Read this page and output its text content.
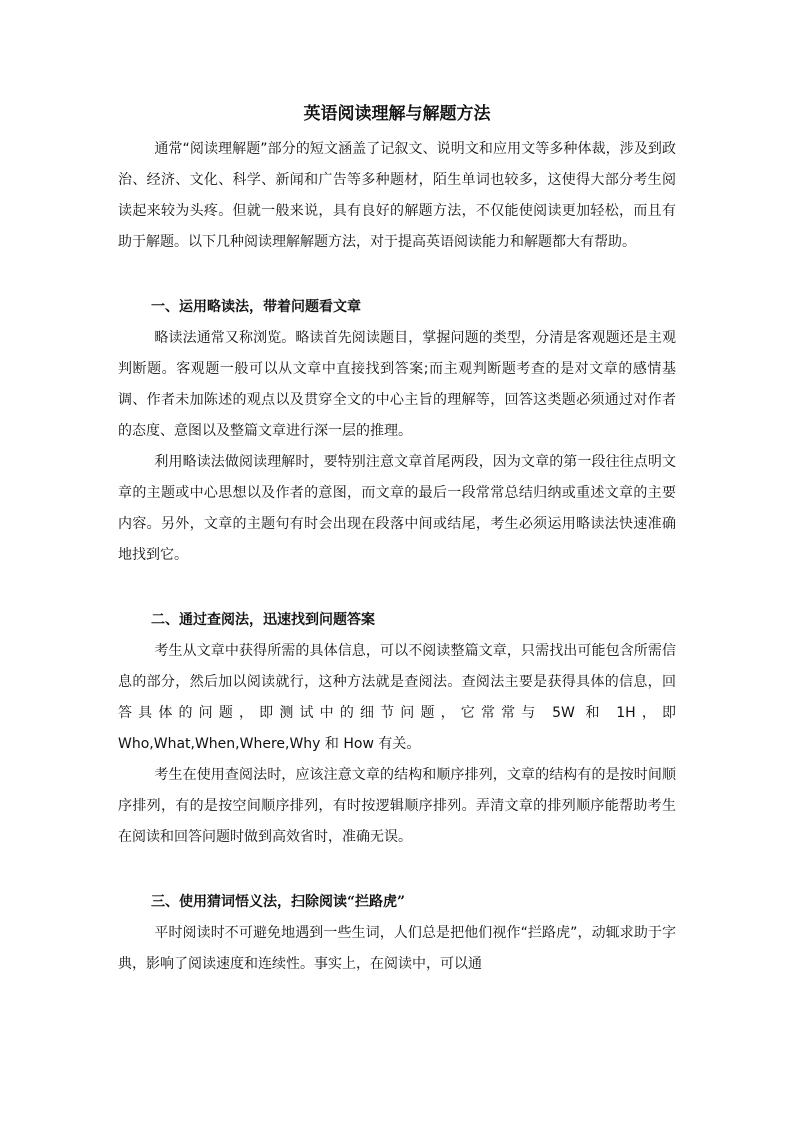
英语阅读理解与解题方法

通常“阅读理解题”部分的短文涵盖了记叙文、说明文和应用文等多种体裁，涉及到政治、经济、文化、科学、新闻和广告等多种题材，陌生单词也较多，这使得大部分考生阅读起来较为头疼。但就一般来说，具有良好的解题方法，不仅能使阅读更加轻松，而且有助于解题。以下几种阅读理解解题方法，对于提高英语阅读能力和解题都大有帮助。

一、运用略读法，带着问题看文章

略读法通常又称浏览。略读首先阅读题目，掌握问题的类型，分清是客观题还是主观判断题。客观题一般可以从文章中直接找到答案;而主观判断题考查的是对文章的感情基调、作者未加陈述的观点以及贯穿全文的中心主旨的理解等，回答这类题必须通过对作者的态度、意图以及整篇文章进行深一层的推理。

利用略读法做阅读理解时，要特别注意文章首尾两段，因为文章的第一段往往点明文章的主题或中心思想以及作者的意图，而文章的最后一段常常总结归纳或重述文章的主要内容。另外，文章的主题句有时会出现在段落中间或结尾，考生必须运用略读法快速准确地找到它。

二、通过查阅法，迅速找到问题答案

考生从文章中获得所需的具体信息，可以不阅读整篇文章，只需找出可能包含所需信息的部分，然后加以阅读就行，这种方法就是查阅法。查阅法主要是获得具体的信息，回答具体的问题，即测试中的细节问题，它常常与 5W 和 1H，即 Who,What,When,Where,Why 和 How 有关。

考生在使用查阅法时，应该注意文章的结构和顺序排列，文章的结构有的是按时间顺序排列，有的是按空间顺序排列，有时按逻辑顺序排列。弄清文章的排列顺序能帮助考生在阅读和回答问题时做到高效省时，准确无误。

三、使用猜词悟义法，扫除阅读“拦路虎”

平时阅读时不可避免地遇到一些生词，人们总是把他们视作“拦路虎”，动辄求助于字典，影响了阅读速度和连续性。事实上，在阅读中，可以通
